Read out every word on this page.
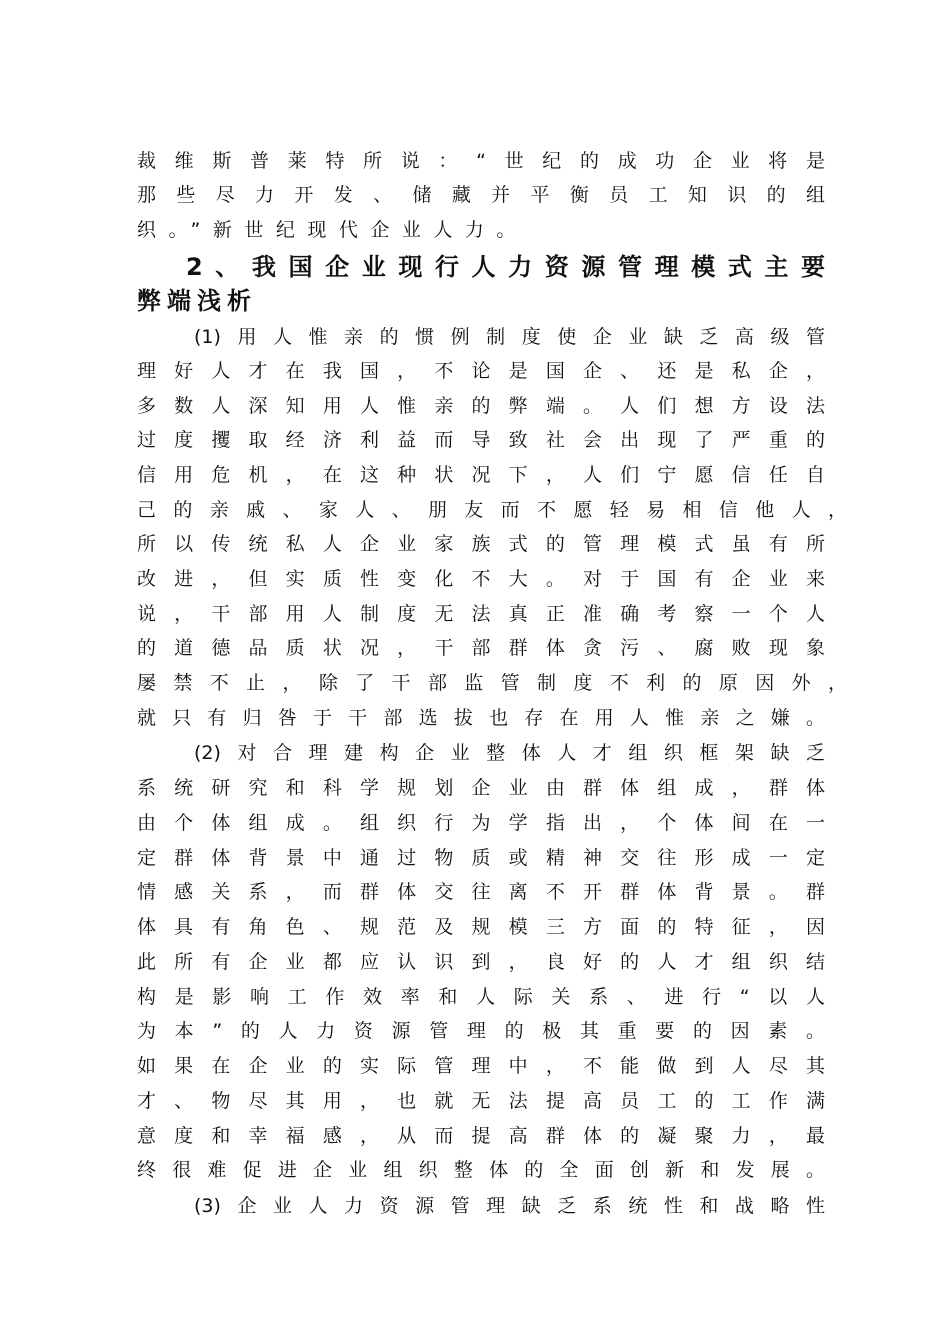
裁维斯普莱特所说：“世纪的成功企业将是
那些尽力开发、储藏并平衡员工知识的组
织。”新世纪现代企业人力。
2、我国企业现行人力资源管理模式主要
弊端浅析
(1)用人惟亲的惯例制度使企业缺乏高级管
理好人才在我国，不论是国企、还是私企，
多数人深知用人惟亲的弊端。人们想方设法
过度攫取经济利益而导致社会出现了严重的
信用危机，在这种状况下，人们宁愿信任自
己的亲戚、家人、朋友而不愿轻易相信他人，
所以传统私人企业家族式的管理模式虽有所
改进，但实质性变化不大。对于国有企业来
说，干部用人制度无法真正准确考察一个人
的道德品质状况，干部群体贪污、腐败现象
屡禁不止，除了干部监管制度不利的原因外，
就只有归咎于干部选拔也存在用人惟亲之嫌。
(2)对合理建构企业整体人才组织框架缺乏
系统研究和科学规划企业由群体组成，群体
由个体组成。组织行为学指出，个体间在一
定群体背景中通过物质或精神交往形成一定
情感关系，而群体交往离不开群体背景。群
体具有角色、规范及规模三方面的特征，因
此所有企业都应认识到，良好的人才组织结
构是影响工作效率和人际关系、进行“以人
为本”的人力资源管理的极其重要的因素。
如果在企业的实际管理中，不能做到人尽其
才、物尽其用，也就无法提高员工的工作满
意度和幸福感，从而提高群体的凝聚力，最
终很难促进企业组织整体的全面创新和发展。
(3)企业人力资源管理缺乏系统性和战略性
